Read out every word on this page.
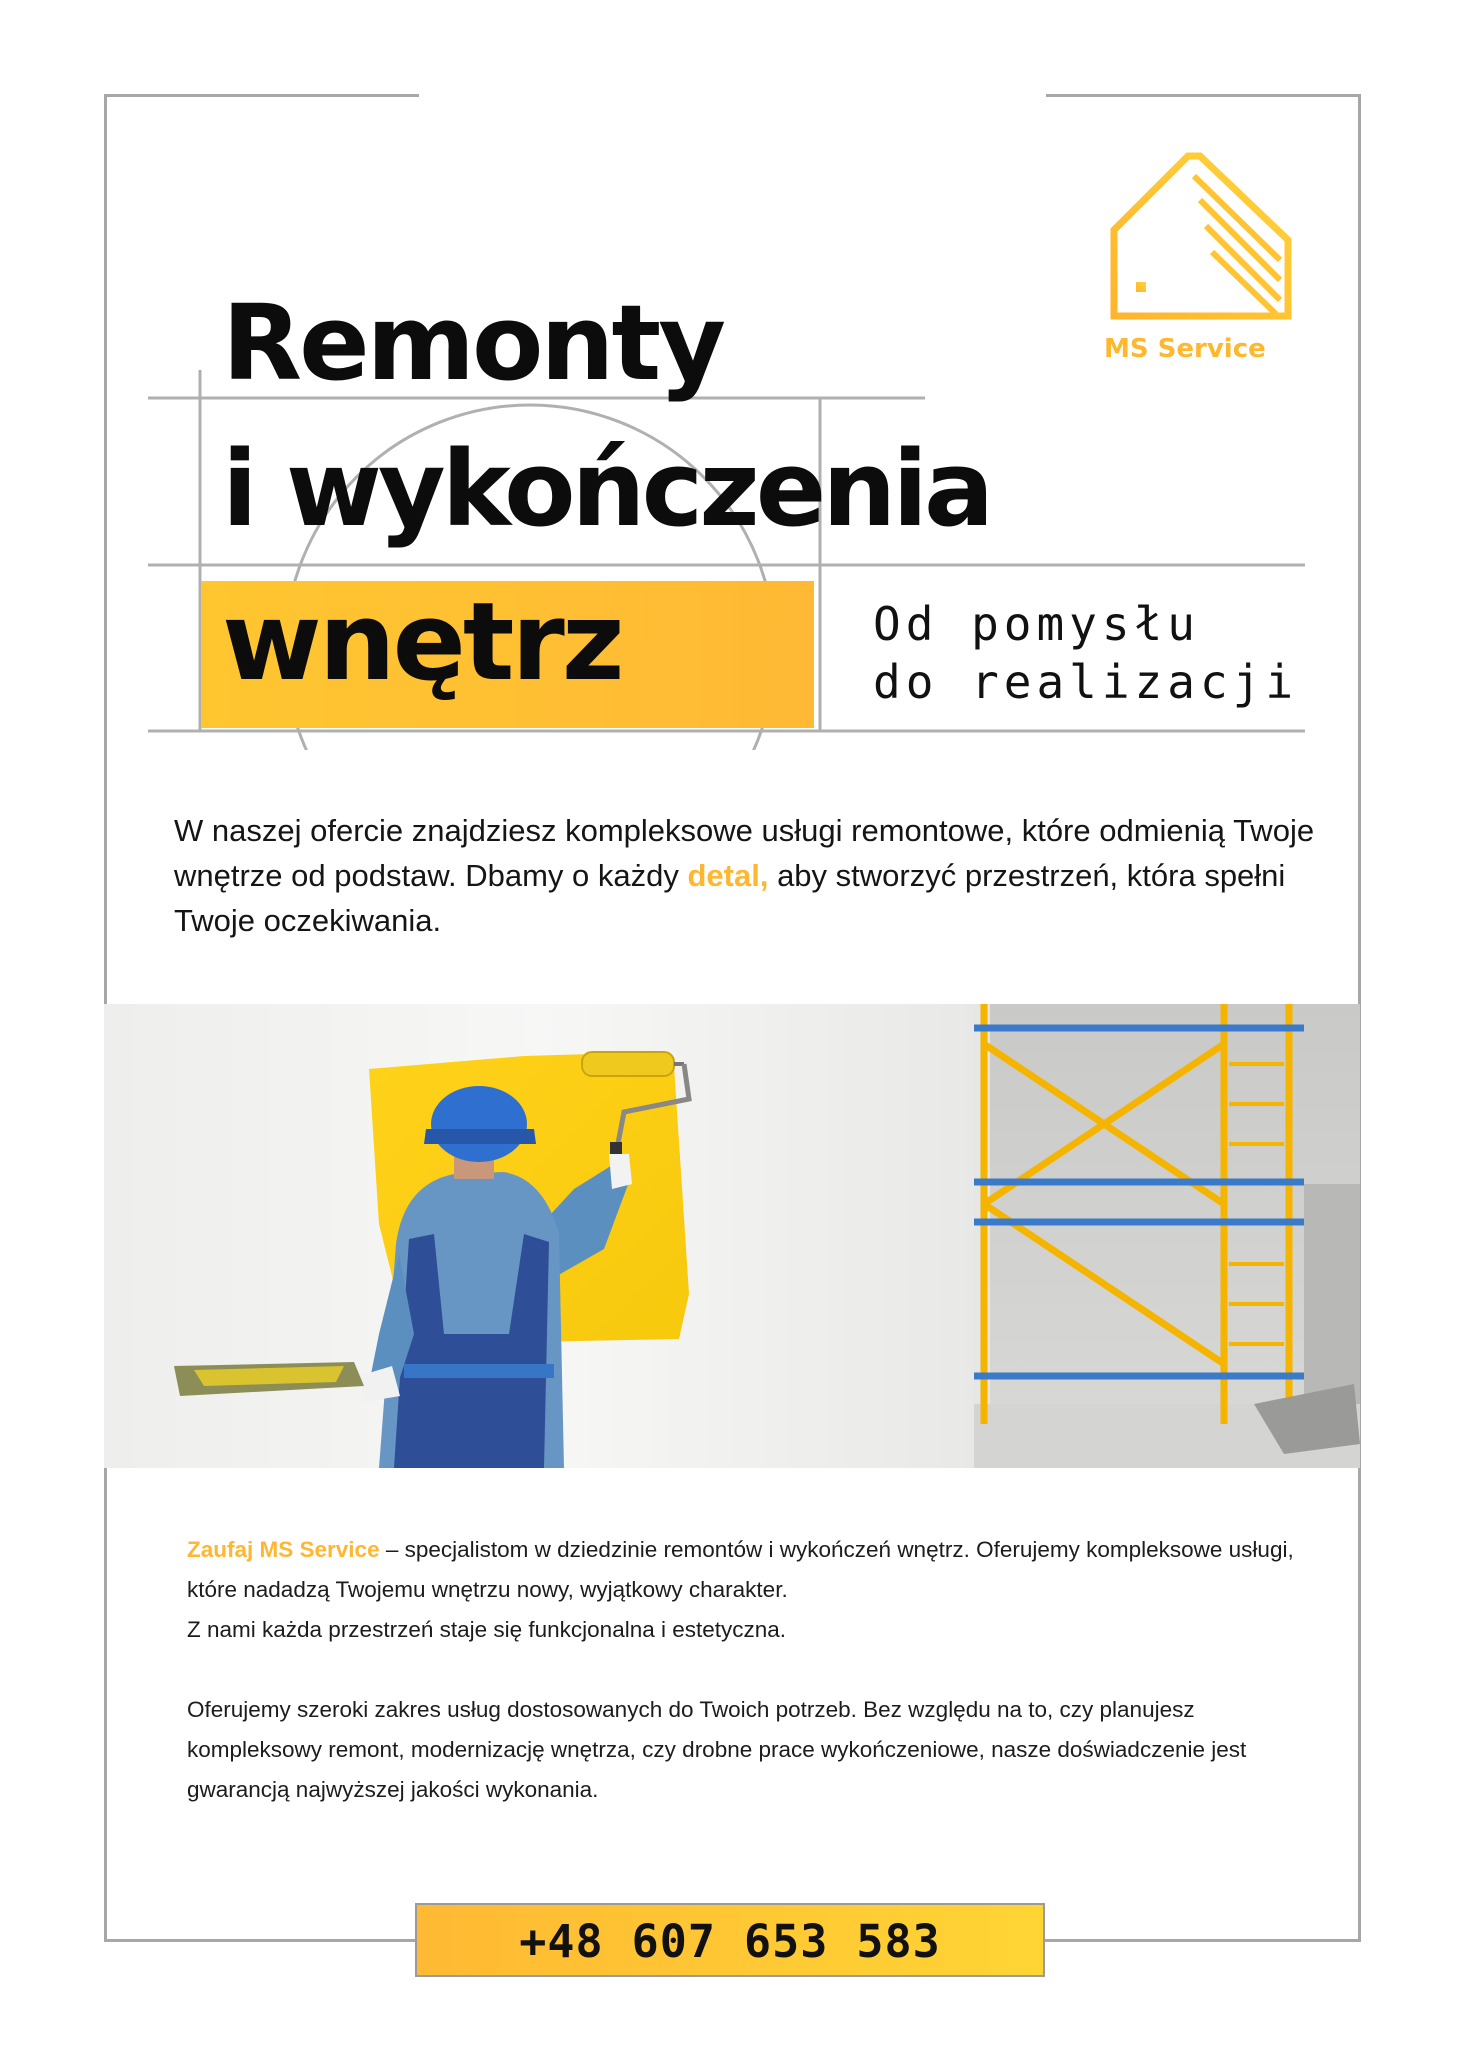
Remonty
i wykończenia
wnętrz	Od pomysłu
do realizacji
MS Service
W naszej ofercie znajdziesz kompleksowe usługi remontowe, które odmienią Twoje wnętrze od podstaw. Dbamy o każdy detal, aby stworzyć przestrzeń, która spełni Twoje oczekiwania.
Zaufaj MS Service – specjalistom w dziedzinie remontów i wykończeń wnętrz. Oferujemy kompleksowe usługi, które nadadzą Twojemu wnętrzu nowy, wyjątkowy charakter.
Z nami każda przestrzeń staje się funkcjonalna i estetyczna.
Oferujemy szeroki zakres usług dostosowanych do Twoich potrzeb. Bez względu na to, czy planujesz kompleksowy remont, modernizację wnętrza, czy drobne prace wykończeniowe, nasze doświadczenie jest gwarancją najwyższej jakości wykonania.
+48 607 653 583
